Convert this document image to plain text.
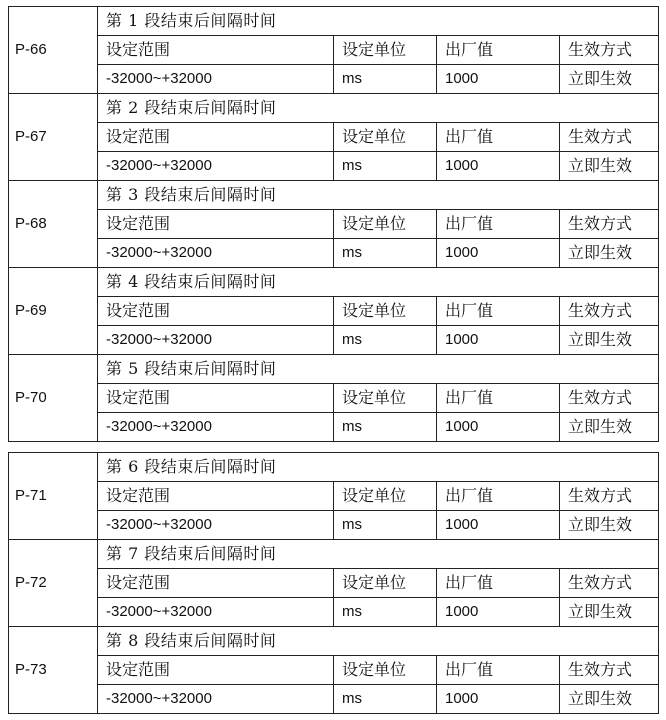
P-66	第 1 段结束后间隔时间			
	设定范围	设定单位	出厂值	生效方式
	-32000~+32000	ms	1000	立即生效
P-67	第 2 段结束后间隔时间			
	设定范围	设定单位	出厂值	生效方式
	-32000~+32000	ms	1000	立即生效
P-68	第 3 段结束后间隔时间			
	设定范围	设定单位	出厂值	生效方式
	-32000~+32000	ms	1000	立即生效
P-69	第 4 段结束后间隔时间			
	设定范围	设定单位	出厂值	生效方式
	-32000~+32000	ms	1000	立即生效
P-70	第 5 段结束后间隔时间			
	设定范围	设定单位	出厂值	生效方式
	-32000~+32000	ms	1000	立即生效
P-71	第 6 段结束后间隔时间			
	设定范围	设定单位	出厂值	生效方式
	-32000~+32000	ms	1000	立即生效
P-72	第 7 段结束后间隔时间			
	设定范围	设定单位	出厂值	生效方式
	-32000~+32000	ms	1000	立即生效
P-73	第 8 段结束后间隔时间			
	设定范围	设定单位	出厂值	生效方式
	-32000~+32000	ms	1000	立即生效
